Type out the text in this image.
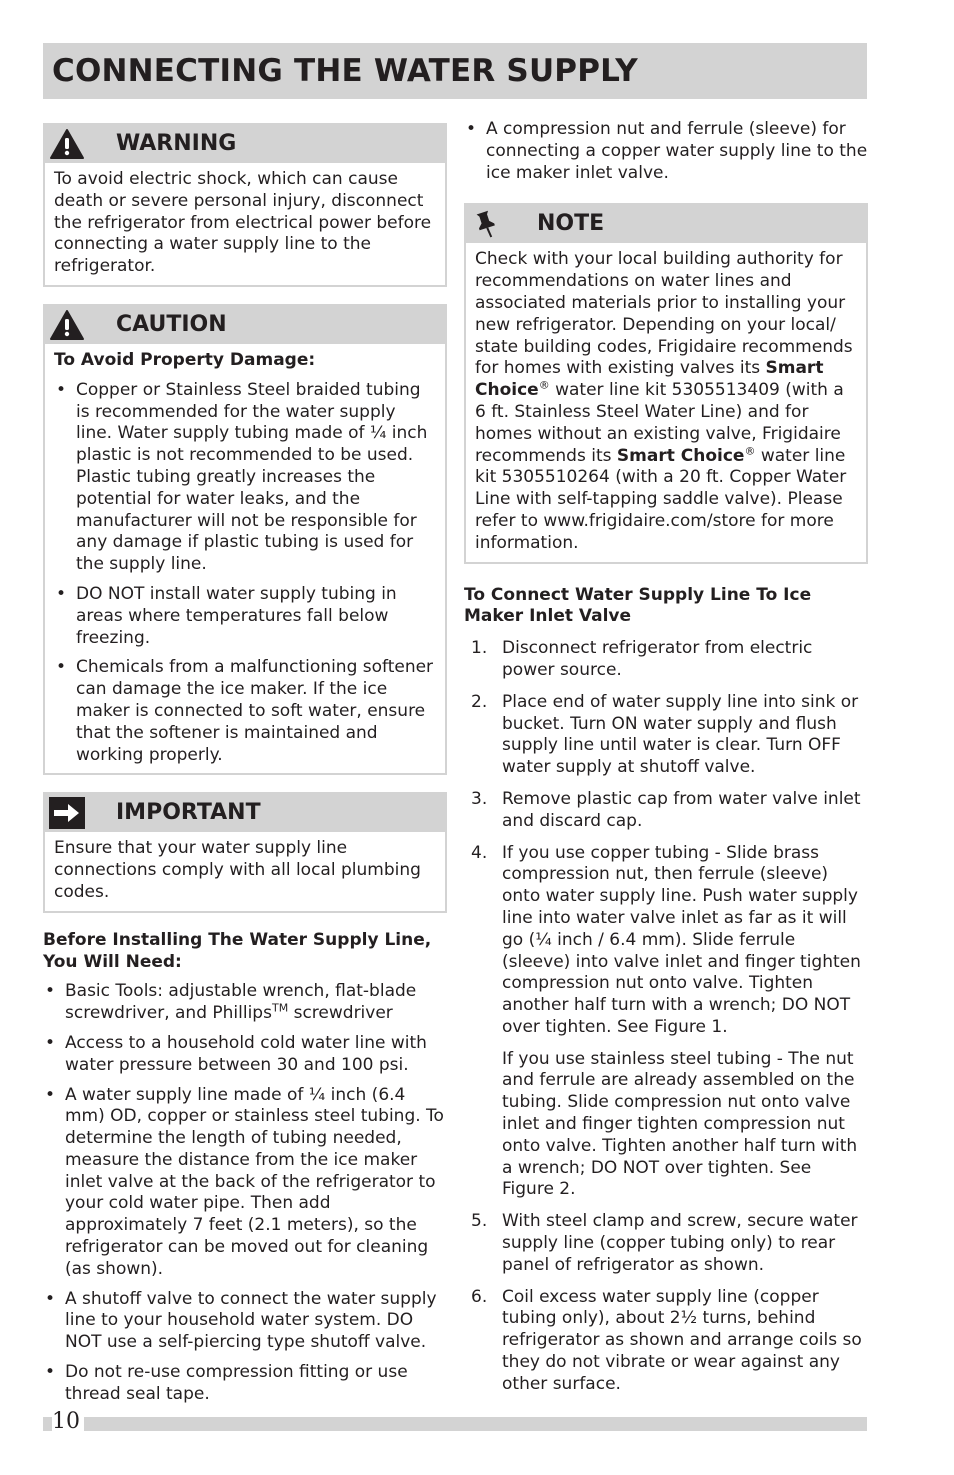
CONNECTING THE WATER SUPPLY
WARNING

To avoid electric shock, which can cause death or severe personal injury, disconnect the refrigerator from electrical power before connecting a water supply line to the refrigerator.

CAUTION

To Avoid Property Damage:

• Copper or Stainless Steel braided tubing is recommended for the water supply line. Water supply tubing made of ¼ inch plastic is not recommended to be used. Plastic tubing greatly increases the potential for water leaks, and the manufacturer will not be responsible for any damage if plastic tubing is used for the supply line.
• DO NOT install water supply tubing in areas where temperatures fall below freezing.
• Chemicals from a malfunctioning softener can damage the ice maker. If the ice maker is connected to soft water, ensure that the softener is maintained and working properly.
IMPORTANT

Ensure that your water supply line connections comply with all local plumbing codes.

Before Installing The Water Supply Line, You Will Need:

• Basic Tools: adjustable wrench, flat-blade screwdriver, and Phillips™ screwdriver
• Access to a household cold water line with water pressure between 30 and 100 psi.
• A water supply line made of ¼ inch (6.4 mm) OD, copper or stainless steel tubing. To determine the length of tubing needed, measure the distance from the ice maker inlet valve at the back of the refrigerator to your cold water pipe. Then add approximately 7 feet (2.1 meters), so the refrigerator can be moved out for cleaning (as shown).
• A shutoff valve to connect the water supply line to your household water system. DO NOT use a self-piercing type shutoff valve.
• Do not re-use compression fitting or use thread seal tape.
• A compression nut and ferrule (sleeve) for connecting a copper water supply line to the ice maker inlet valve.
NOTE

Check with your local building authority for recommendations on water lines and associated materials prior to installing your new refrigerator. Depending on your local/ state building codes, Frigidaire recommends for homes with existing valves its Smart Choice® water line kit 5305513409 (with a 6 ft. Stainless Steel Water Line) and for homes without an existing valve, Frigidaire recommends its Smart Choice® water line kit 5305510264 (with a 20 ft. Copper Water Line with self-tapping saddle valve). Please refer to www.frigidaire.com/store for more information.

To Connect Water Supply Line To Ice Maker Inlet Valve

1. Disconnect refrigerator from electric power source.

2. Place end of water supply line into sink or bucket. Turn ON water supply and flush supply line until water is clear. Turn OFF water supply at shutoff valve.

3. Remove plastic cap from water valve inlet and discard cap.

4. If you use copper tubing - Slide brass compression nut, then ferrule (sleeve) onto water supply line. Push water supply line into water valve inlet as far as it will go (¼ inch / 6.4 mm). Slide ferrule (sleeve) into valve inlet and finger tighten compression nut onto valve. Tighten another half turn with a wrench; DO NOT over tighten. See Figure 1.

If you use stainless steel tubing - The nut and ferrule are already assembled on the tubing. Slide compression nut onto valve inlet and finger tighten compression nut onto valve. Tighten another half turn with a wrench; DO NOT over tighten. See Figure 2.

5. With steel clamp and screw, secure water supply line (copper tubing only) to rear panel of refrigerator as shown.

6. Coil excess water supply line (copper tubing only), about 2½ turns, behind refrigerator as shown and arrange coils so they do not vibrate or wear against any other surface.

10
